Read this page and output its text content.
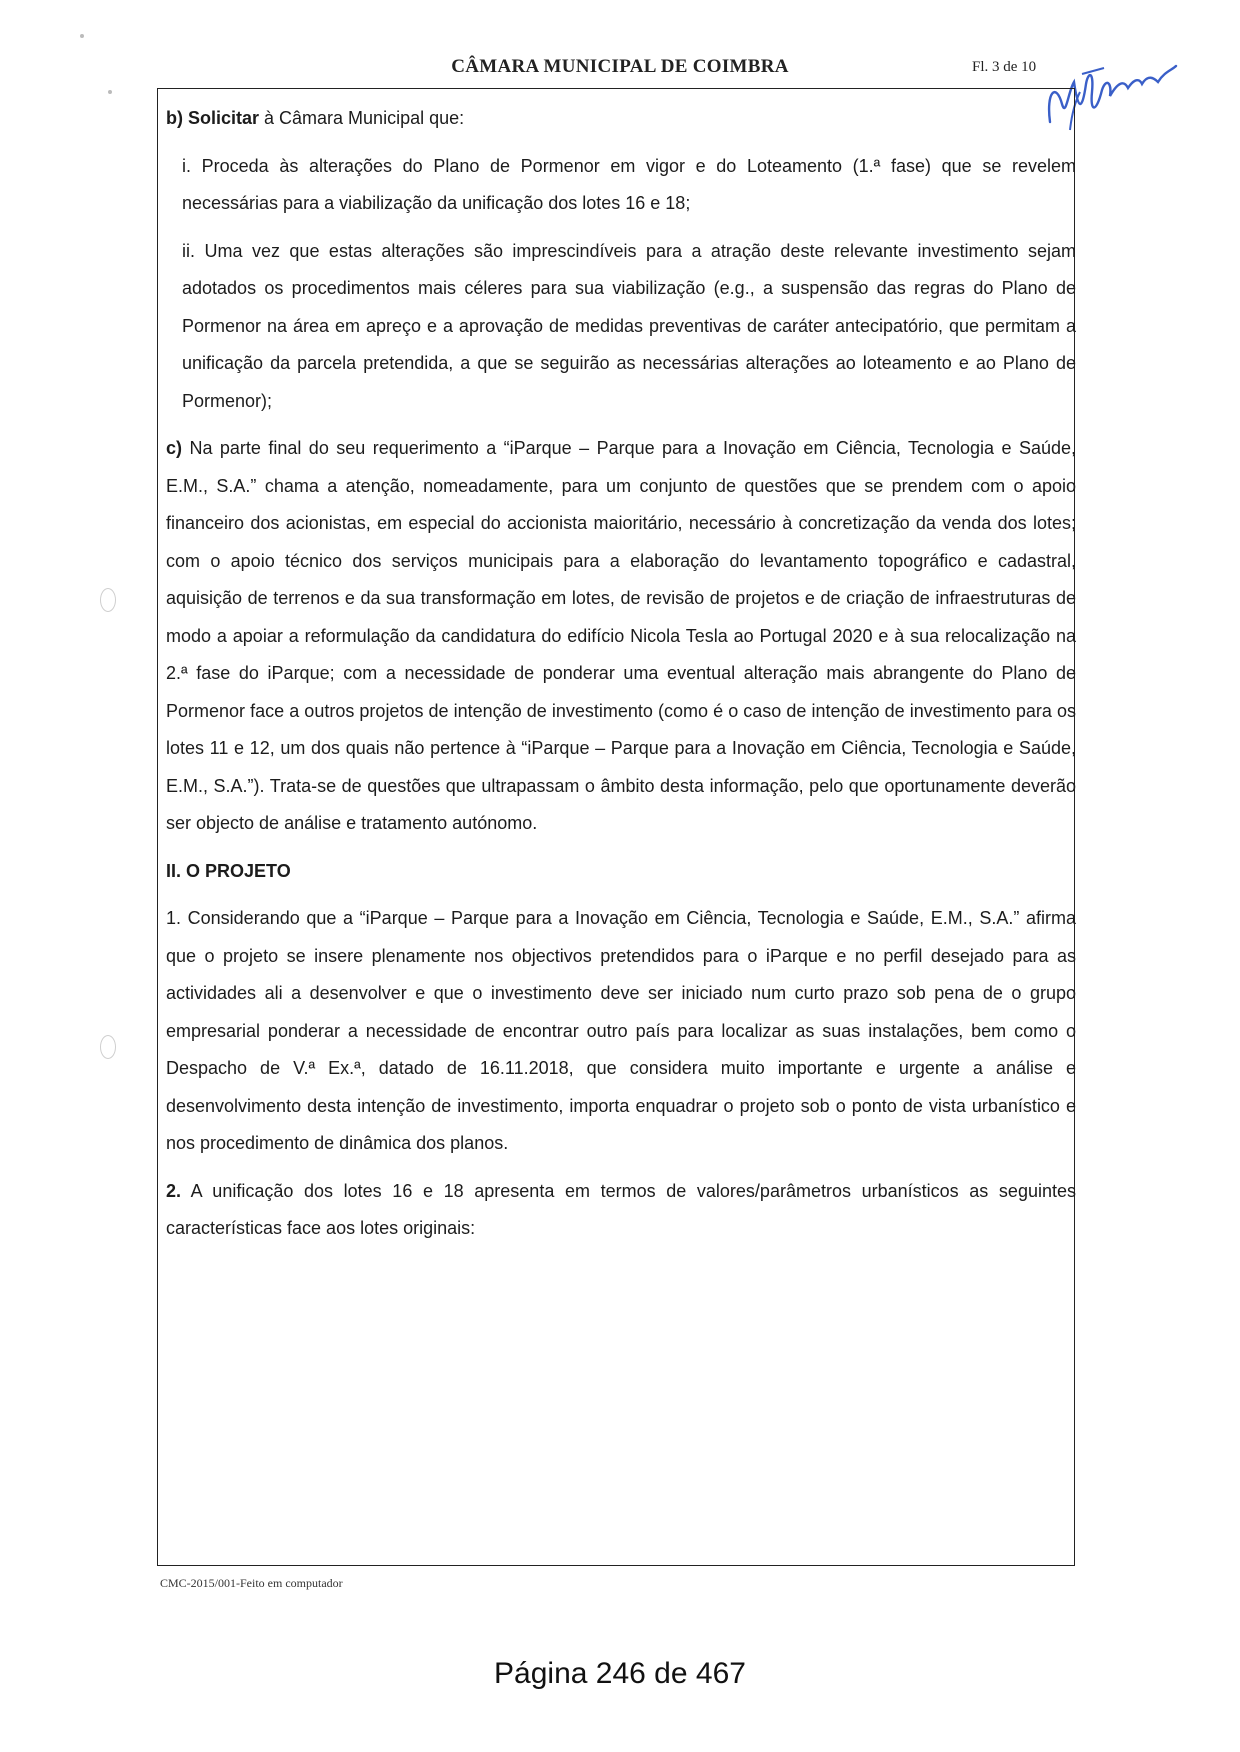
CÂMARA MUNICIPAL DE COIMBRA	Fl. 3 de 10

b) Solicitar à Câmara Municipal que:

i. Proceda às alterações do Plano de Pormenor em vigor e do Loteamento (1.ª fase) que se revelem necessárias para a viabilização da unificação dos lotes 16 e 18;

ii. Uma vez que estas alterações são imprescindíveis para a atração deste relevante investimento sejam adotados os procedimentos mais céleres para sua viabilização (e.g., a suspensão das regras do Plano de Pormenor na área em apreço e a aprovação de medidas preventivas de caráter antecipatório, que permitam a unificação da parcela pretendida, a que se seguirão as necessárias alterações ao loteamento e ao Plano de Pormenor);

c) Na parte final do seu requerimento a “iParque – Parque para a Inovação em Ciência, Tecnologia e Saúde, E.M., S.A.” chama a atenção, nomeadamente, para um conjunto de questões que se prendem com o apoio financeiro dos acionistas, em especial do accionista maioritário, necessário à concretização da venda dos lotes; com o apoio técnico dos serviços municipais para a elaboração do levantamento topográfico e cadastral, aquisição de terrenos e da sua transformação em lotes, de revisão de projetos e de criação de infraestruturas de modo a apoiar a reformulação da candidatura do edifício Nicola Tesla ao Portugal 2020 e à sua relocalização na 2.ª fase do iParque; com a necessidade de ponderar uma eventual alteração mais abrangente do Plano de Pormenor face a outros projetos de intenção de investimento (como é o caso de intenção de investimento para os lotes 11 e 12, um dos quais não pertence à “iParque – Parque para a Inovação em Ciência, Tecnologia e Saúde, E.M., S.A.”). Trata-se de questões que ultrapassam o âmbito desta informação, pelo que oportunamente deverão ser objecto de análise e tratamento autónomo.

II. O PROJETO

1. Considerando que a “iParque – Parque para a Inovação em Ciência, Tecnologia e Saúde, E.M., S.A.” afirma que o projeto se insere plenamente nos objectivos pretendidos para o iParque e no perfil desejado para as actividades ali a desenvolver e que o investimento deve ser iniciado num curto prazo sob pena de o grupo empresarial ponderar a necessidade de encontrar outro país para localizar as suas instalações, bem como o Despacho de V.ª Ex.ª, datado de 16.11.2018, que considera muito importante e urgente a análise e desenvolvimento desta intenção de investimento, importa enquadrar o projeto sob o ponto de vista urbanístico e nos procedimento de dinâmica dos planos.

2. A unificação dos lotes 16 e 18 apresenta em termos de valores/parâmetros urbanísticos as seguintes características face aos lotes originais:

CMC-2015/001-Feito em computador
Página 246 de 467
